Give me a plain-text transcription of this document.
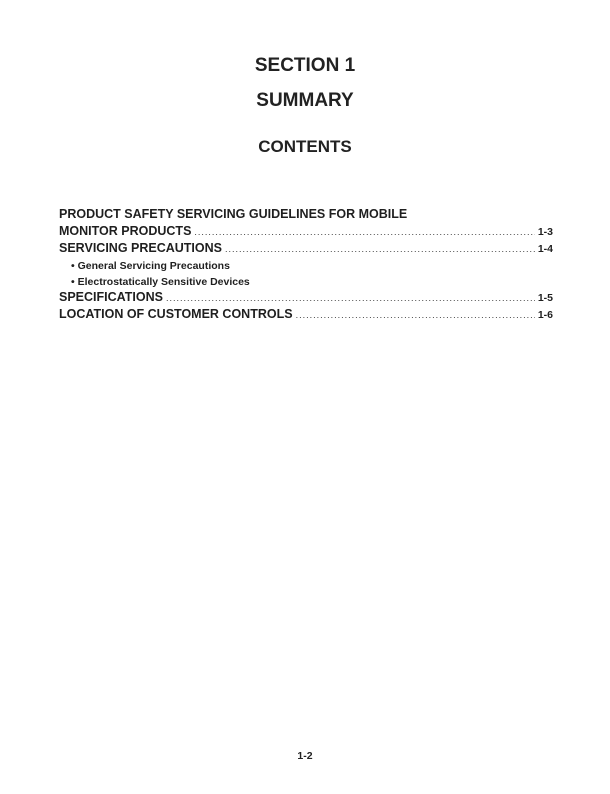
SECTION 1
SUMMARY
CONTENTS
PRODUCT SAFETY SERVICING GUIDELINES FOR MOBILE
MONITOR PRODUCTS .....	1-3
SERVICING PRECAUTIONS .....	1-4
• General Servicing Precautions
• Electrostatically Sensitive Devices
SPECIFICATIONS .....	1-5
LOCATION OF CUSTOMER CONTROLS .....	1-6
1-2
